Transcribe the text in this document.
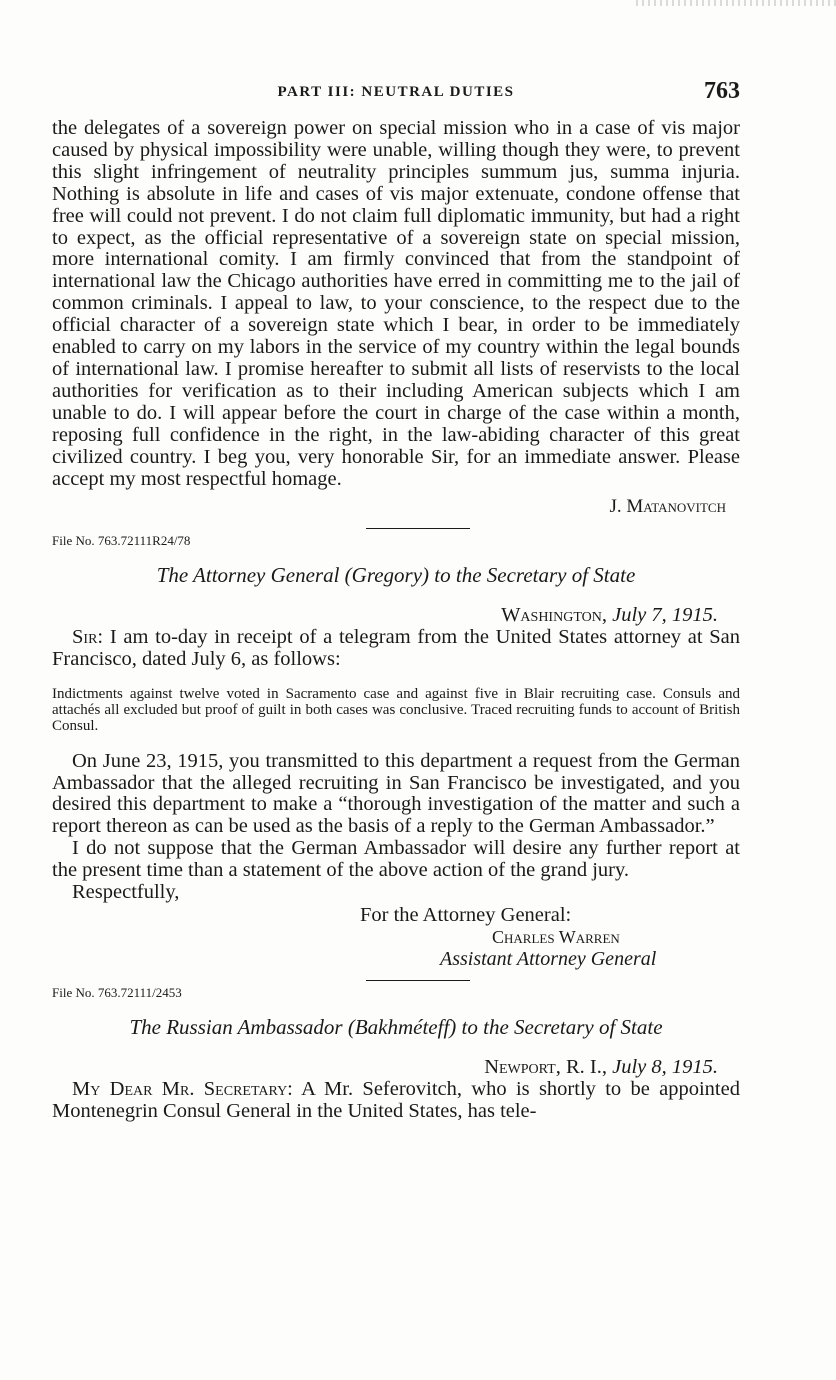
PART III: NEUTRAL DUTIES	763

the delegates of a sovereign power on special mission who in a case of vis major caused by physical impossibility were unable, willing though they were, to prevent this slight infringement of neutrality principles summum jus, summa injuria. Nothing is absolute in life and cases of vis major extenuate, condone offense that free will could not prevent. I do not claim full diplomatic immunity, but had a right to expect, as the official representative of a sovereign state on special mission, more international comity. I am firmly convinced that from the standpoint of international law the Chicago authorities have erred in committing me to the jail of common criminals. I appeal to law, to your conscience, to the respect due to the official character of a sovereign state which I bear, in order to be immediately enabled to carry on my labors in the service of my country within the legal bounds of international law. I promise hereafter to submit all lists of reservists to the local authorities for verification as to their including American subjects which I am unable to do. I will appear before the court in charge of the case within a month, reposing full confidence in the right, in the law-abiding character of this great civilized country. I beg you, very honorable Sir, for an immediate answer. Please accept my most respectful homage.

J. Matanovitch
File No. 763.72111R24/78
The Attorney General (Gregory) to the Secretary of State
Washington, July 7, 1915.

Sir: I am to-day in receipt of a telegram from the United States attorney at San Francisco, dated July 6, as follows:

Indictments against twelve voted in Sacramento case and against five in Blair recruiting case. Consuls and attachés all excluded but proof of guilt in both cases was conclusive. Traced recruiting funds to account of British Consul.

On June 23, 1915, you transmitted to this department a request from the German Ambassador that the alleged recruiting in San Francisco be investigated, and you desired this department to make a “thorough investigation of the matter and such a report thereon as can be used as the basis of a reply to the German Ambassador.”

I do not suppose that the German Ambassador will desire any further report at the present time than a statement of the above action of the grand jury.

Respectfully,

For the Attorney General:
Charles Warren
Assistant Attorney General
File No. 763.72111/2453
The Russian Ambassador (Bakhméteff) to the Secretary of State
Newport, R. I., July 8, 1915.

My Dear Mr. Secretary: A Mr. Seferovitch, who is shortly to be appointed Montenegrin Consul General in the United States, has tele-
